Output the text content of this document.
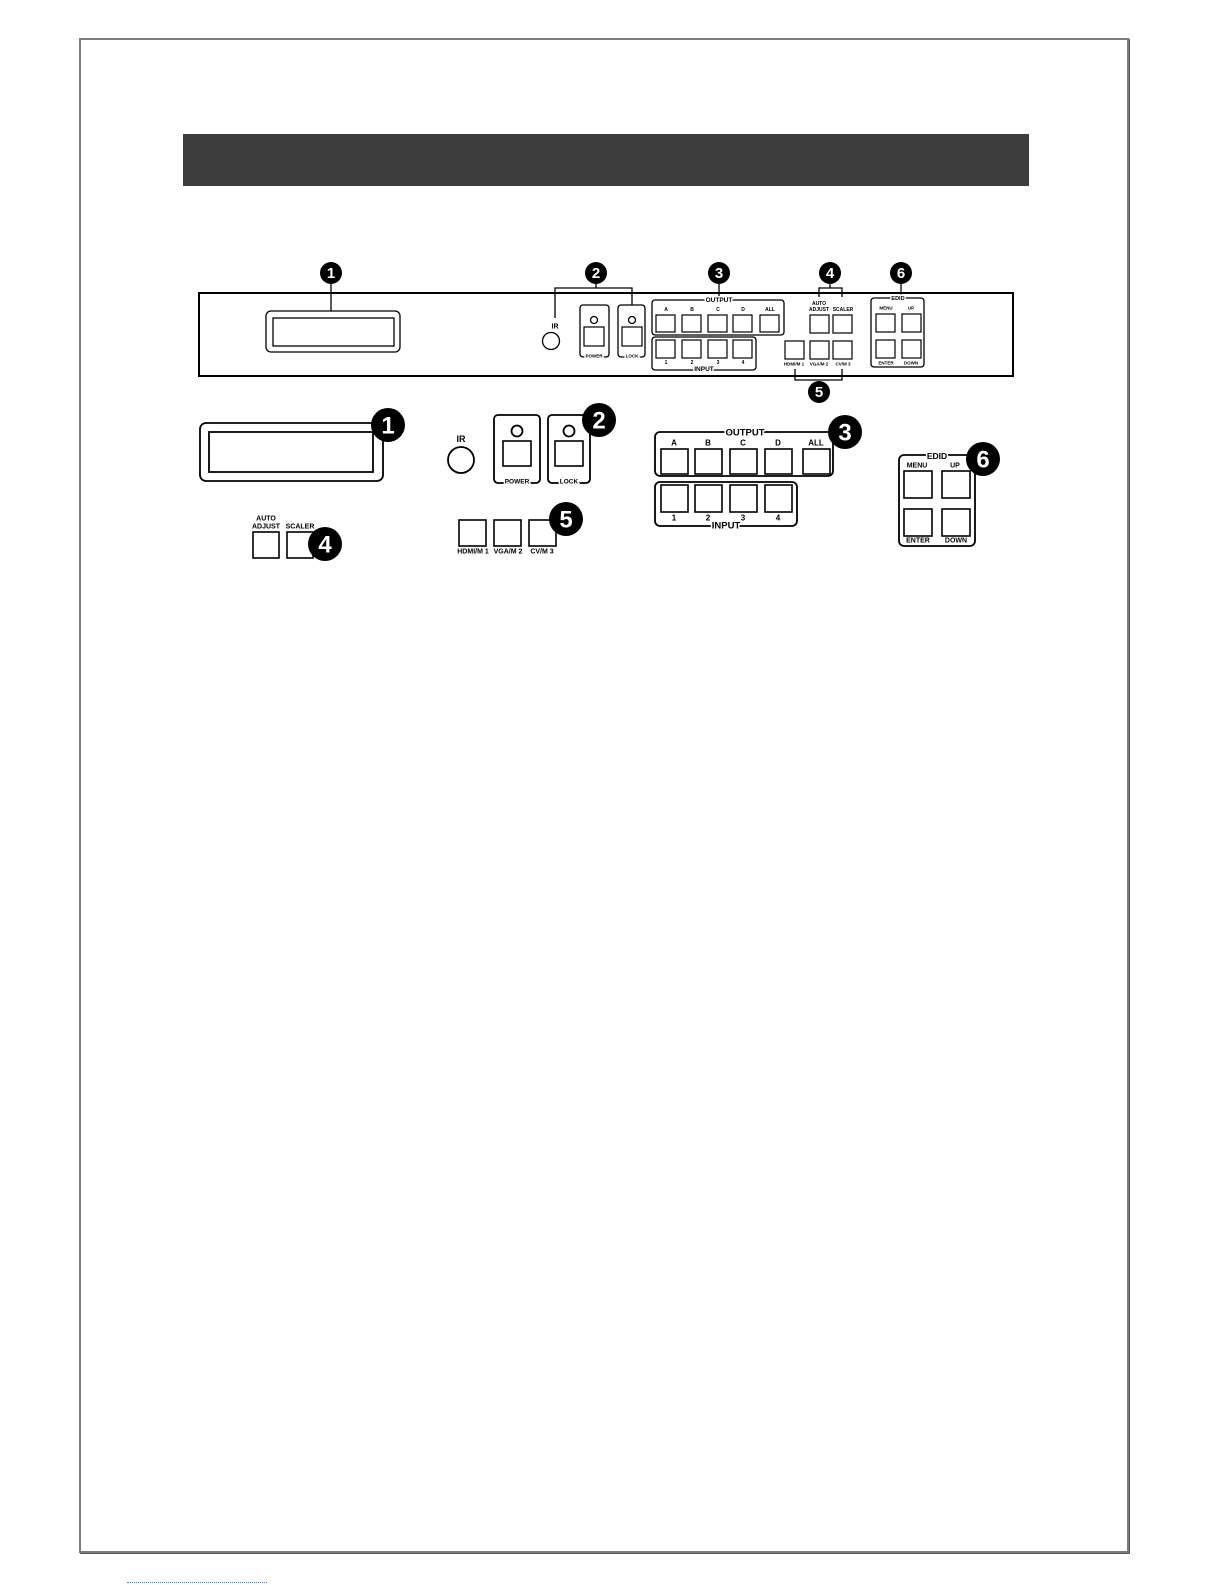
1
IR
2
POWER	LOCK
3
OUTPUT
A	B	C	D	ALL
1	2	3	4
INPUT
4
AUTO
ADJUST SCALER
HDMI/M 1 VGA/M 2 CV/M 3
5
6
EDID
MENU	UP
ENTER DOWN
1	IR
POWER	LOCK
2	OUTPUT
A	B	C	D	ALL 3
1	2	3	4
INPUT
EDID
MENU	UP
ENTER DOWN
6
AUTO
ADJUST SCALER
4	HDMI/M 1 VGA/M 2 CV/M 3
5
